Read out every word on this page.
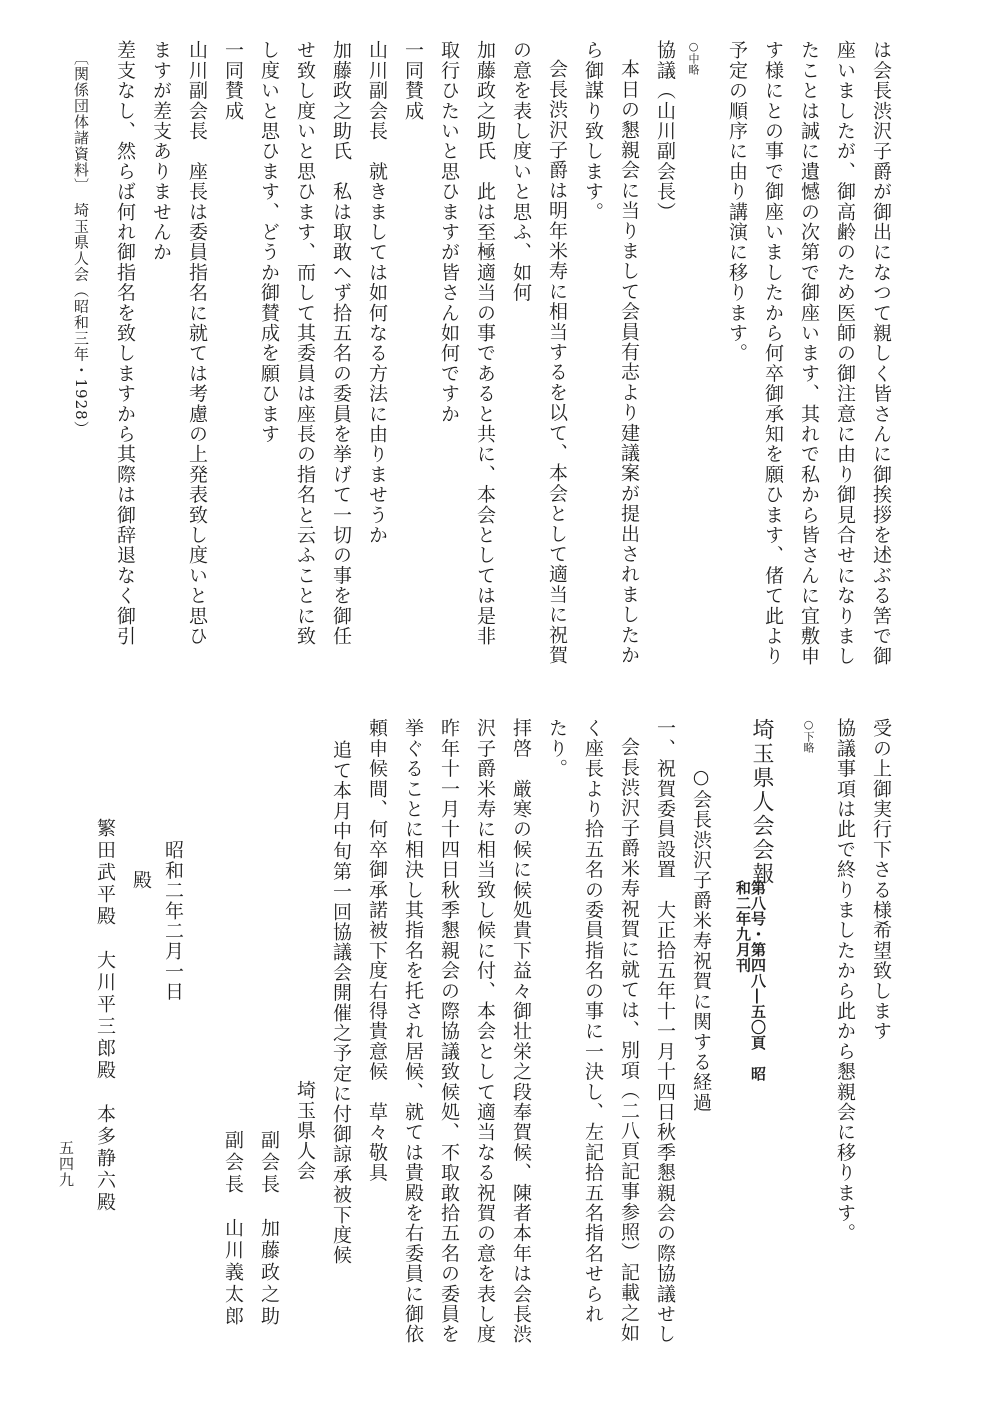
は会長渋沢子爵が御出になつて親しく皆さんに御挨拶を述ぶる筈で御
座いましたが、御高齢のため医師の御注意に由り御見合せになりまし
たことは誠に遺憾の次第で御座います、其れで私から皆さんに宜敷申
す様にとの事で御座いましたから何卒御承知を願ひます、偖て此より
予定の順序に由り講演に移ります。
○中略
協議（山川副会長）
本日の懇親会に当りまして会員有志より建議案が提出されましたか
ら御謀り致します。
会長渋沢子爵は明年米寿に相当するを以て、本会として適当に祝賀
の意を表し度いと思ふ、如何
加藤政之助氏　此は至極適当の事であると共に、本会としては是非
取行ひたいと思ひますが皆さん如何ですか
一同賛成
山川副会長　就きましては如何なる方法に由りませうか
加藤政之助氏　私は取敢へず拾五名の委員を挙げて一切の事を御任
せ致し度いと思ひます、而して其委員は座長の指名と云ふことに致
し度いと思ひます、どうか御賛成を願ひます
一同賛成
山川副会長　座長は委員指名に就ては考慮の上発表致し度いと思ひ
ますが差支ありませんか
差支なし、然らば何れ御指名を致しますから其際は御辞退なく御引
〔関係団体諸資料〕　埼玉県人会（昭和三年・1928）
受の上御実行下さる様希望致します
協議事項は此で終りましたから此から懇親会に移ります。
○下略
埼玉県人会会報
第八号・第四八―五〇頁　昭和二年九月刊
○会長渋沢子爵米寿祝賀に関する経過
一、祝賀委員設置　大正拾五年十一月十四日秋季懇親会の際協議せし
会長渋沢子爵米寿祝賀に就ては、別項（二八頁記事参照）記載之如
く座長より拾五名の委員指名の事に一決し、左記拾五名指名せられ
たり。
拝啓　厳寒の候に候処貴下益々御壮栄之段奉賀候、陳者本年は会長渋
沢子爵米寿に相当致し候に付、本会として適当なる祝賀の意を表し度
昨年十一月十四日秋季懇親会の際協議致候処、不取敢拾五名の委員を
挙ぐることに相決し其指名を托され居候、就ては貴殿を右委員に御依
頼申候間、何卒御承諾被下度右得貴意候　草々敬具
追て本月中旬第一回協議会開催之予定に付御諒承被下度候
埼玉県人会
副会長　加藤政之助
副会長　山川義太郎
昭和二年二月一日
殿
繁田武平殿　大川平三郎殿　本多静六殿
五四九
